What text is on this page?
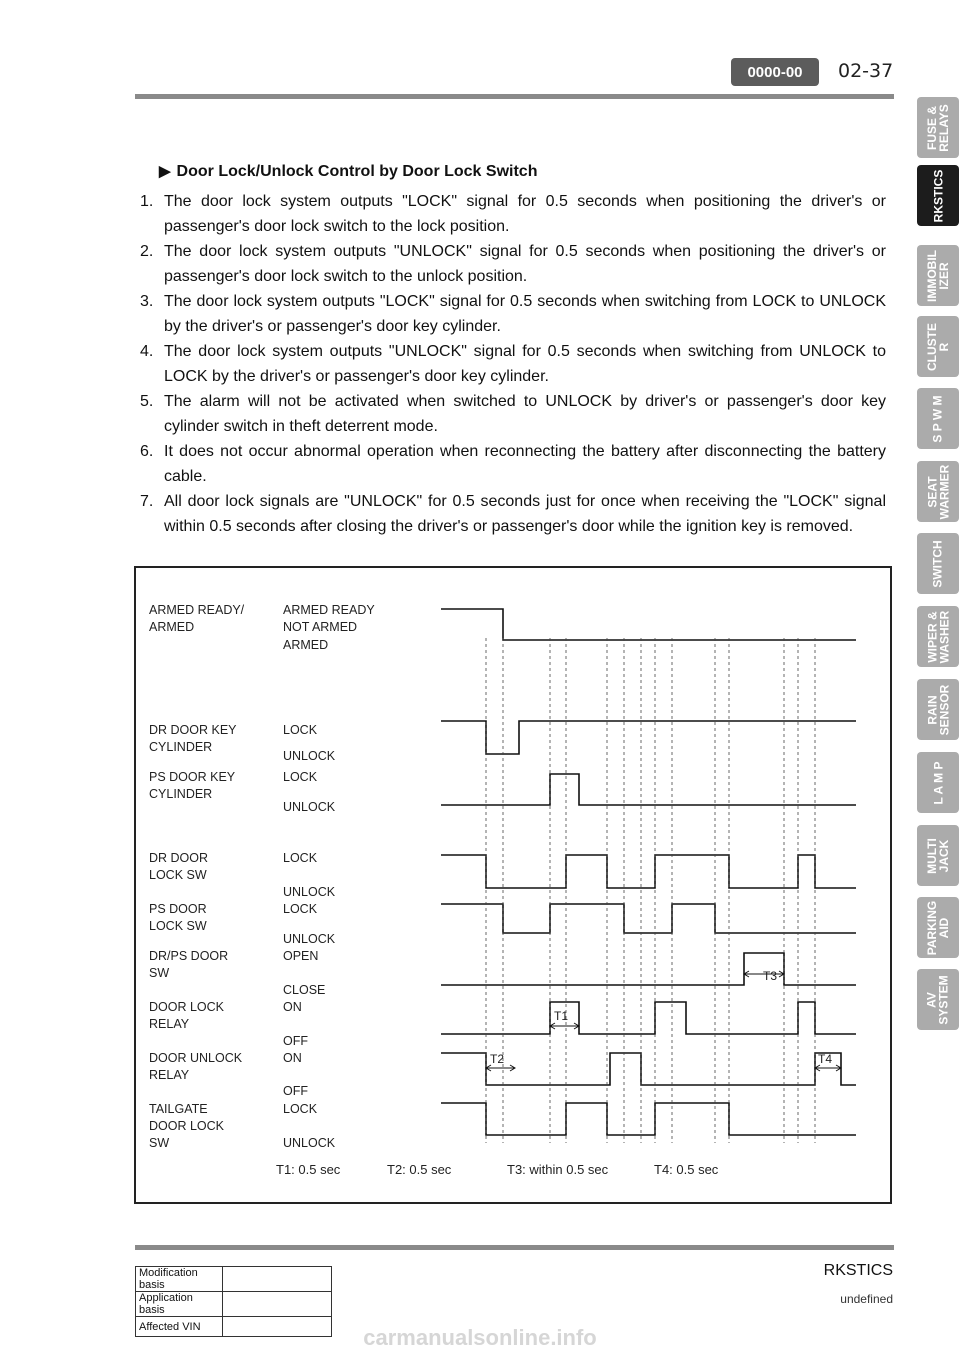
0000-00	02-37
FUSE &
RELAYS
RKSTICS
IMMOBIL
IZER
CLUSTE
R
S P W M
SEAT
WARMER
SWITCH
WIPER &
WASHER
RAIN
SENSOR
L A M P
MULTI
JACK
PARKING
AID
AV
SYSTEM
▶ Door Lock/Unlock Control by Door Lock Switch
1. The door lock system outputs "LOCK" signal for 0.5 seconds when positioning the driver's or passenger's door lock switch to the lock position.
2. The door lock system outputs "UNLOCK" signal for 0.5 seconds when positioning the driver's or passenger's door lock switch to the unlock position.
3. The door lock system outputs "LOCK" signal for 0.5 seconds when switching from LOCK to UNLOCK by the driver's or passenger's door key cylinder.
4. The door lock system outputs "UNLOCK" signal for 0.5 seconds when switching from UNLOCK to LOCK by the driver's or passenger's door key cylinder.
5. The alarm will not be activated when switched to UNLOCK by driver's or passenger's door key cylinder switch in theft deterrent mode.
6. It does not occur abnormal operation when reconnecting the battery after disconnecting the battery cable.
7. All door lock signals are "UNLOCK" for 0.5 seconds just for once when receiving the "LOCK" signal within 0.5 seconds after closing the driver's or passenger's door while the ignition key is removed.
ARMED READY/
ARMED
ARMED READY
NOT ARMED
ARMED
DR DOOR KEY
CYLINDER
LOCK
UNLOCK
PS DOOR KEY
CYLINDER
LOCK
UNLOCK
DR DOOR
LOCK SW
LOCK
UNLOCK
PS DOOR
LOCK SW
LOCK
UNLOCK
DR/PS DOOR
SW
OPEN
CLOSE
DOOR LOCK
RELAY
ON
OFF
DOOR UNLOCK
RELAY
ON
OFF
TAILGATE
DOOR LOCK
SW
LOCK
UNLOCK
T1
T2
T3
T4
T1: 0.5 sec	T2: 0.5 sec	T3: within 0.5 sec	T4: 0.5 sec
RKSTICS
undefined
Modification basis	
Application basis	
Affected VIN		carmanualsonline.info
